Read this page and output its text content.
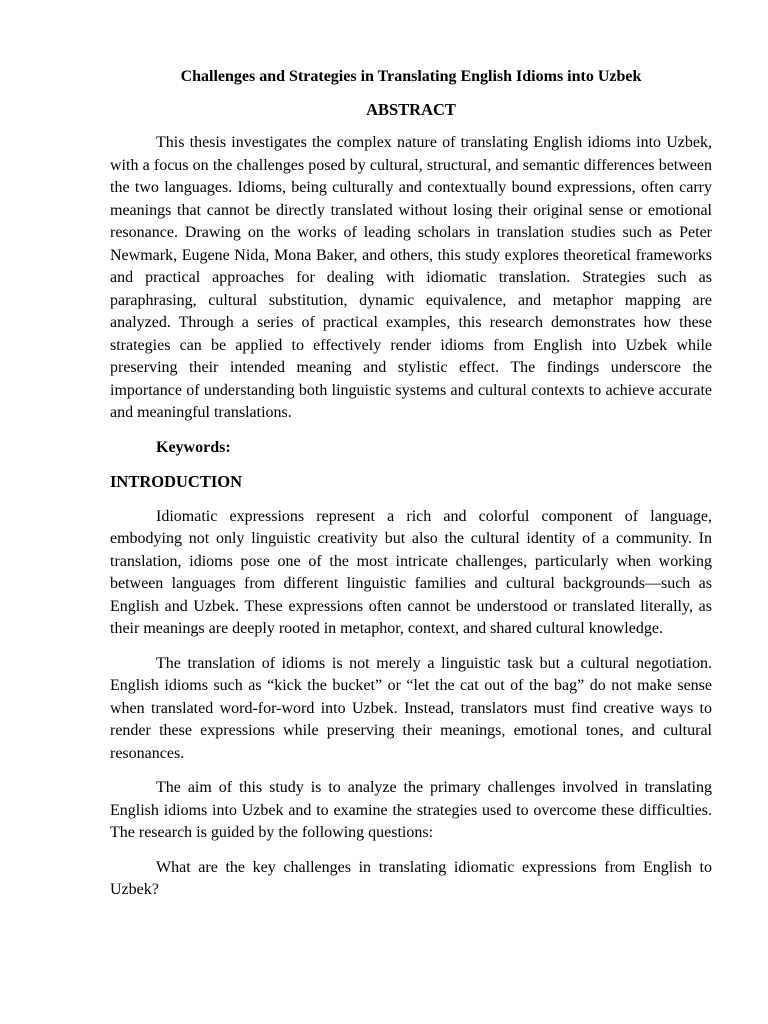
Challenges and Strategies in Translating English Idioms into Uzbek
ABSTRACT

This thesis investigates the complex nature of translating English idioms into Uzbek, with a focus on the challenges posed by cultural, structural, and semantic differences between the two languages. Idioms, being culturally and contextually bound expressions, often carry meanings that cannot be directly translated without losing their original sense or emotional resonance. Drawing on the works of leading scholars in translation studies such as Peter Newmark, Eugene Nida, Mona Baker, and others, this study explores theoretical frameworks and practical approaches for dealing with idiomatic translation. Strategies such as paraphrasing, cultural substitution, dynamic equivalence, and metaphor mapping are analyzed. Through a series of practical examples, this research demonstrates how these strategies can be applied to effectively render idioms from English into Uzbek while preserving their intended meaning and stylistic effect. The findings underscore the importance of understanding both linguistic systems and cultural contexts to achieve accurate and meaningful translations.

Keywords:

INTRODUCTION

Idiomatic expressions represent a rich and colorful component of language, embodying not only linguistic creativity but also the cultural identity of a community. In translation, idioms pose one of the most intricate challenges, particularly when working between languages from different linguistic families and cultural backgrounds—such as English and Uzbek. These expressions often cannot be understood or translated literally, as their meanings are deeply rooted in metaphor, context, and shared cultural knowledge.

The translation of idioms is not merely a linguistic task but a cultural negotiation. English idioms such as “kick the bucket” or “let the cat out of the bag” do not make sense when translated word-for-word into Uzbek. Instead, translators must find creative ways to render these expressions while preserving their meanings, emotional tones, and cultural resonances.

The aim of this study is to analyze the primary challenges involved in translating English idioms into Uzbek and to examine the strategies used to overcome these difficulties. The research is guided by the following questions:

What are the key challenges in translating idiomatic expressions from English to Uzbek?
